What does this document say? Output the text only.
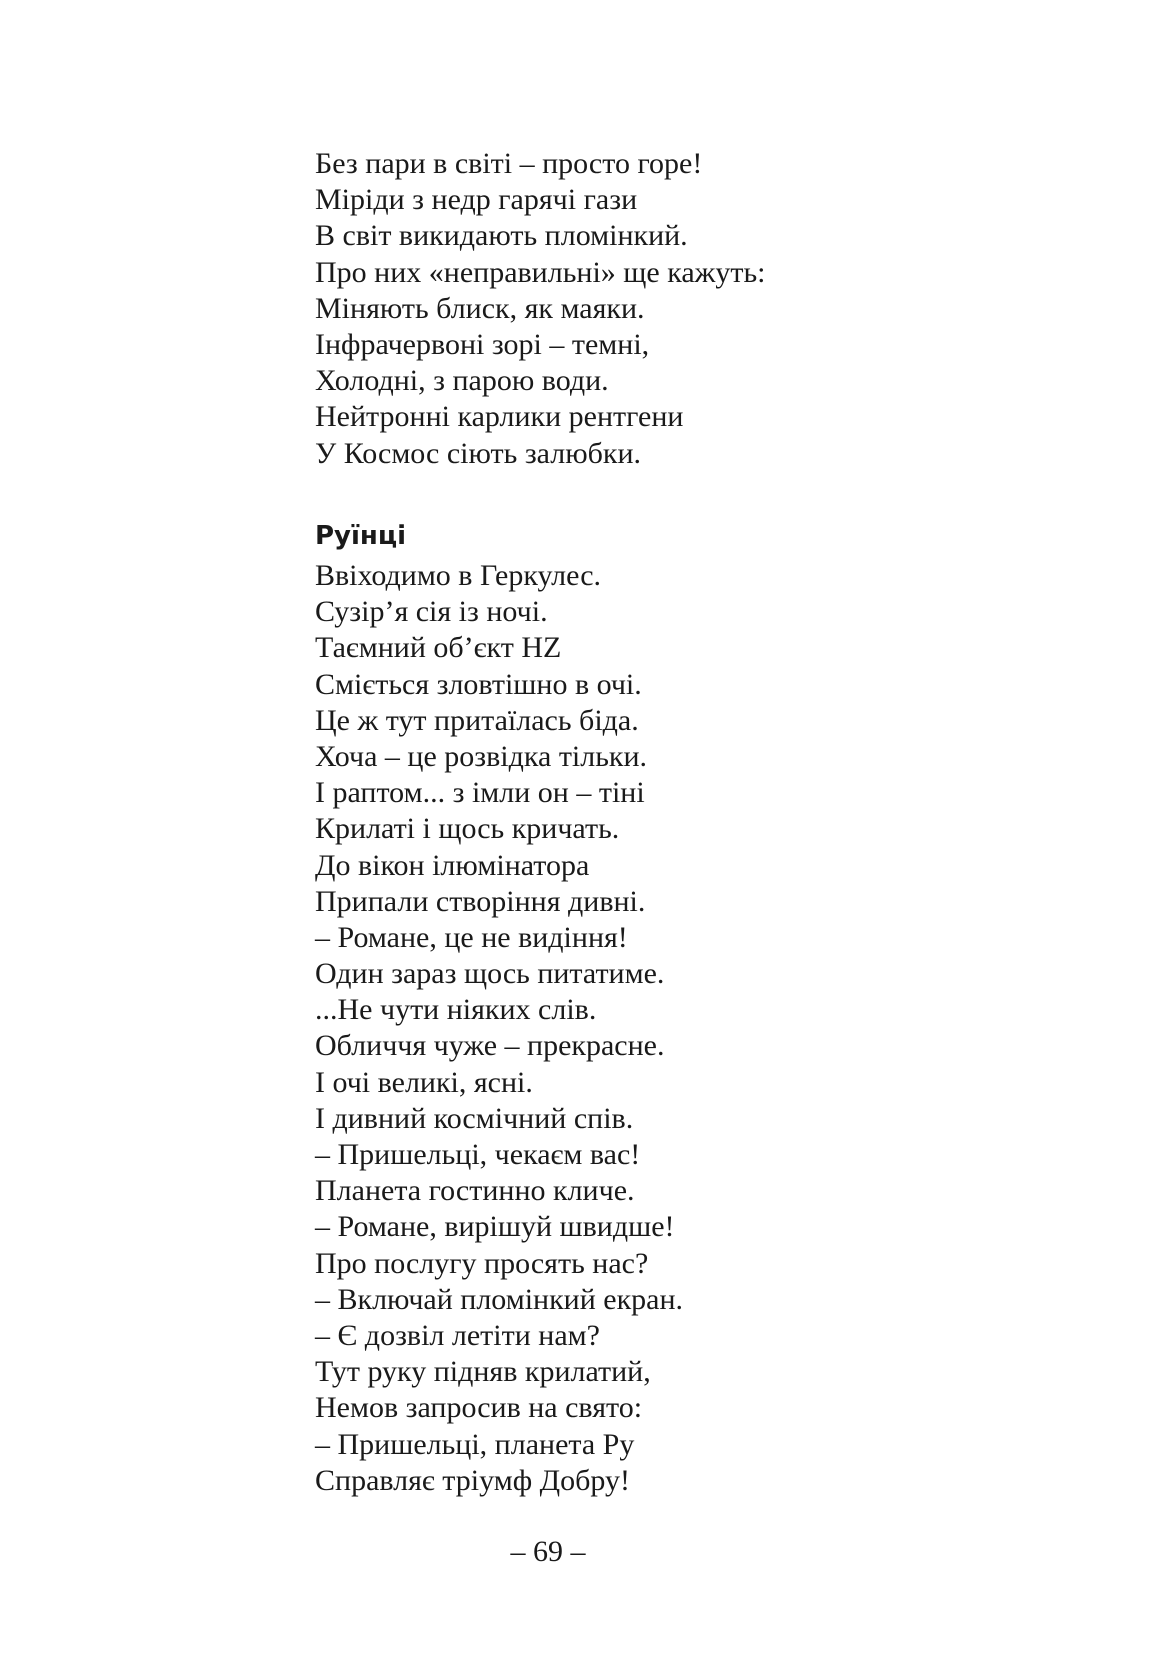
Без пари в світі – просто горе!
Міріди з недр гарячі гази
В світ викидають пломінкий.
Про них «неправильні» ще кажуть:
Міняють блиск, як маяки.
Інфрачервоні зорі – темні,
Холодні, з парою води.
Нейтронні карлики рентгени
У Космос сіють залюбки.
Руїнці
Ввіходимо в Геркулес.
Сузір’я сія із ночі.
Таємний об’єкт HZ
Сміється зловтішно в очі.
Це ж тут притаїлась біда.
Хоча – це розвідка тільки.
І раптом... з імли он – тіні
Крилаті і щось кричать.
До вікон ілюмінатора
Припали створіння дивні.
– Романе, це не видіння!
Один зараз щось питатиме.
...Не чути ніяких слів.
Обличчя чуже – прекрасне.
І очі великі, ясні.
І дивний космічний спів.
– Пришельці, чекаєм вас!
Планета гостинно кличе.
– Романе, вирішуй швидше!
Про послугу просять нас?
– Включай пломінкий екран.
– Є дозвіл летіти нам?
Тут руку підняв крилатий,
Немов запросив на свято:
– Пришельці, планета Ру
Справляє тріумф Добру!
– 69 –
